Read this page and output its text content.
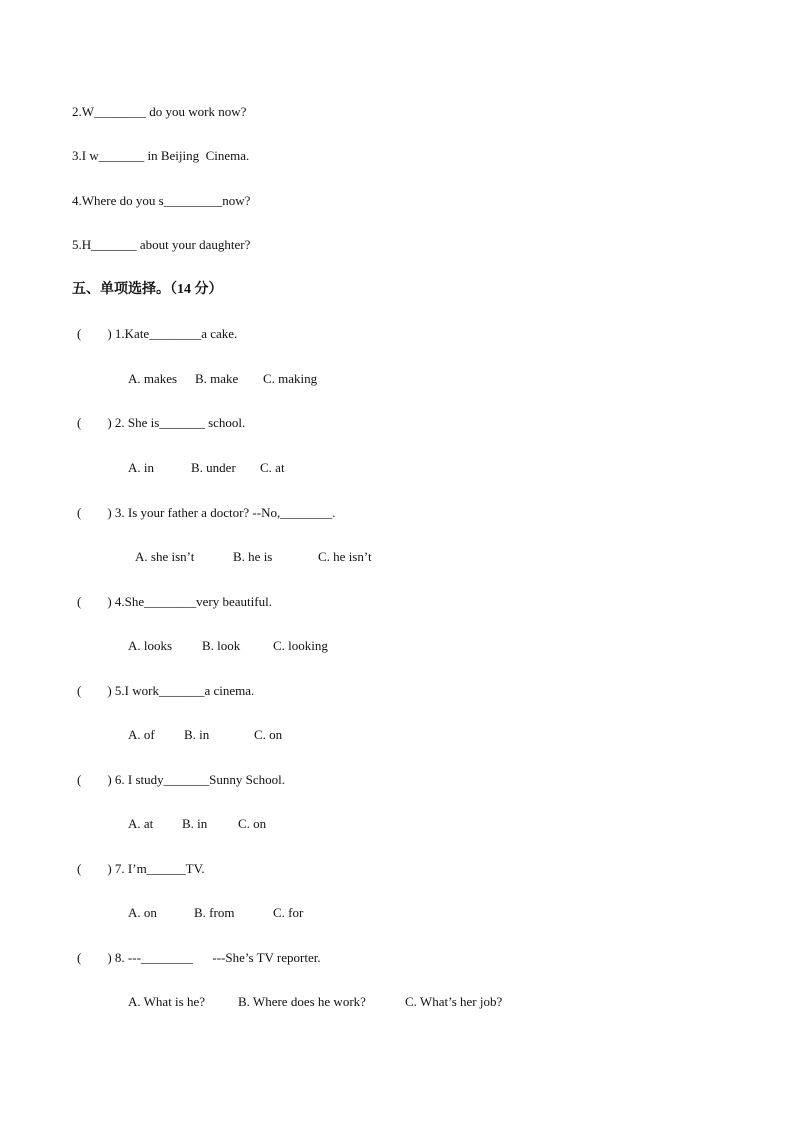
2.W________ do you work now?
3.I w_______ in Beijing  Cinema.
4.Where do you s_________now?
5.H_______ about your daughter?
五、单项选择。（14 分）
(        ) 1.Kate________a cake.
A. makes B. make C. making
(        ) 2. She is_______ school.
A. in	B. under C. at
(        ) 3. Is your father a doctor? --No,________.
A. she isn’t	B. he is	C. he isn’t
(        ) 4.She________very beautiful.
A. looks B. look	C. looking
(        ) 5.I work_______a cinema.
A. of B. in	C. on
(        ) 6. I study_______Sunny School.
A. at B. in C. on
(        ) 7. I’m______TV.
A. on	B. from	C. for
(        ) 8. ---________      ---She’s TV reporter.
A. What is he?	B. Where does he work?	C. What’s her job?
